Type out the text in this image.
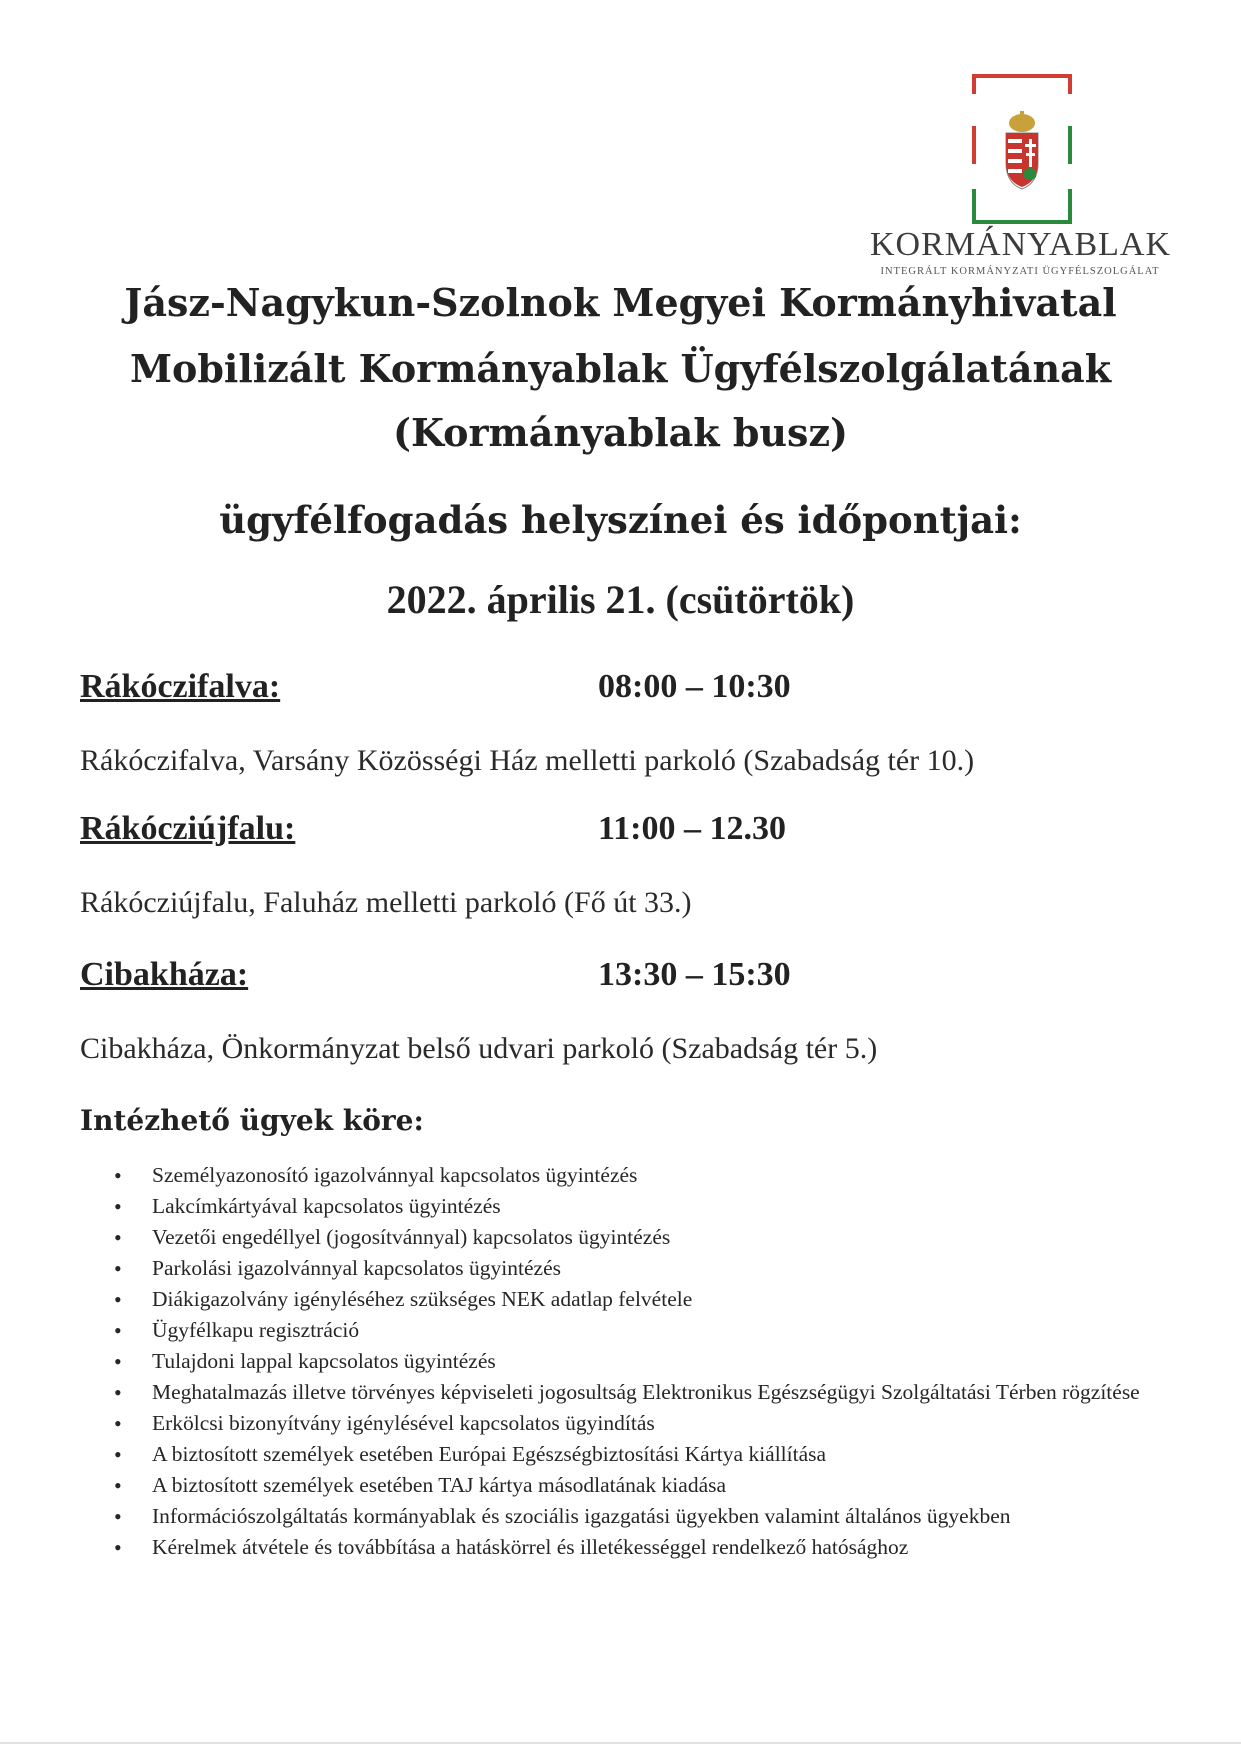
KORMÁNYABLAK
INTEGRÁLT KORMÁNYZATI ÜGYFÉLSZOLGÁLAT
Jász-Nagykun-Szolnok Megyei Kormányhivatal
Mobilizált Kormányablak Ügyfélszolgálatának
(Kormányablak busz)
ügyfélfogadás helyszínei és időpontjai:
2022. április 21. (csütörtök)
Rákóczifalva:	08:00 – 10:30
Rákóczifalva, Varsány Közösségi Ház melletti parkoló (Szabadság tér 10.)
Rákócziújfalu:	11:00 – 12.30
Rákócziújfalu, Faluház melletti parkoló (Fő út 33.)
Cibakháza:	13:30 – 15:30
Cibakháza, Önkormányzat belső udvari parkoló (Szabadság tér 5.)
Intézhető ügyek köre:
• Személyazonosító igazolvánnyal kapcsolatos ügyintézés
• Lakcímkártyával kapcsolatos ügyintézés
• Vezetői engedéllyel (jogosítvánnyal) kapcsolatos ügyintézés
• Parkolási igazolvánnyal kapcsolatos ügyintézés
• Diákigazolvány igényléséhez szükséges NEK adatlap felvétele
• Ügyfélkapu regisztráció
• Tulajdoni lappal kapcsolatos ügyintézés
• Meghatalmazás illetve törvényes képviseleti jogosultság Elektronikus Egészségügyi Szolgáltatási Térben rögzítése
• Erkölcsi bizonyítvány igénylésével kapcsolatos ügyindítás
• A biztosított személyek esetében Európai Egészségbiztosítási Kártya kiállítása
• A biztosított személyek esetében TAJ kártya másodlatának kiadása
• Információszolgáltatás kormányablak és szociális igazgatási ügyekben valamint általános ügyekben
• Kérelmek átvétele és továbbítása a hatáskörrel és illetékességgel rendelkező hatósághoz
